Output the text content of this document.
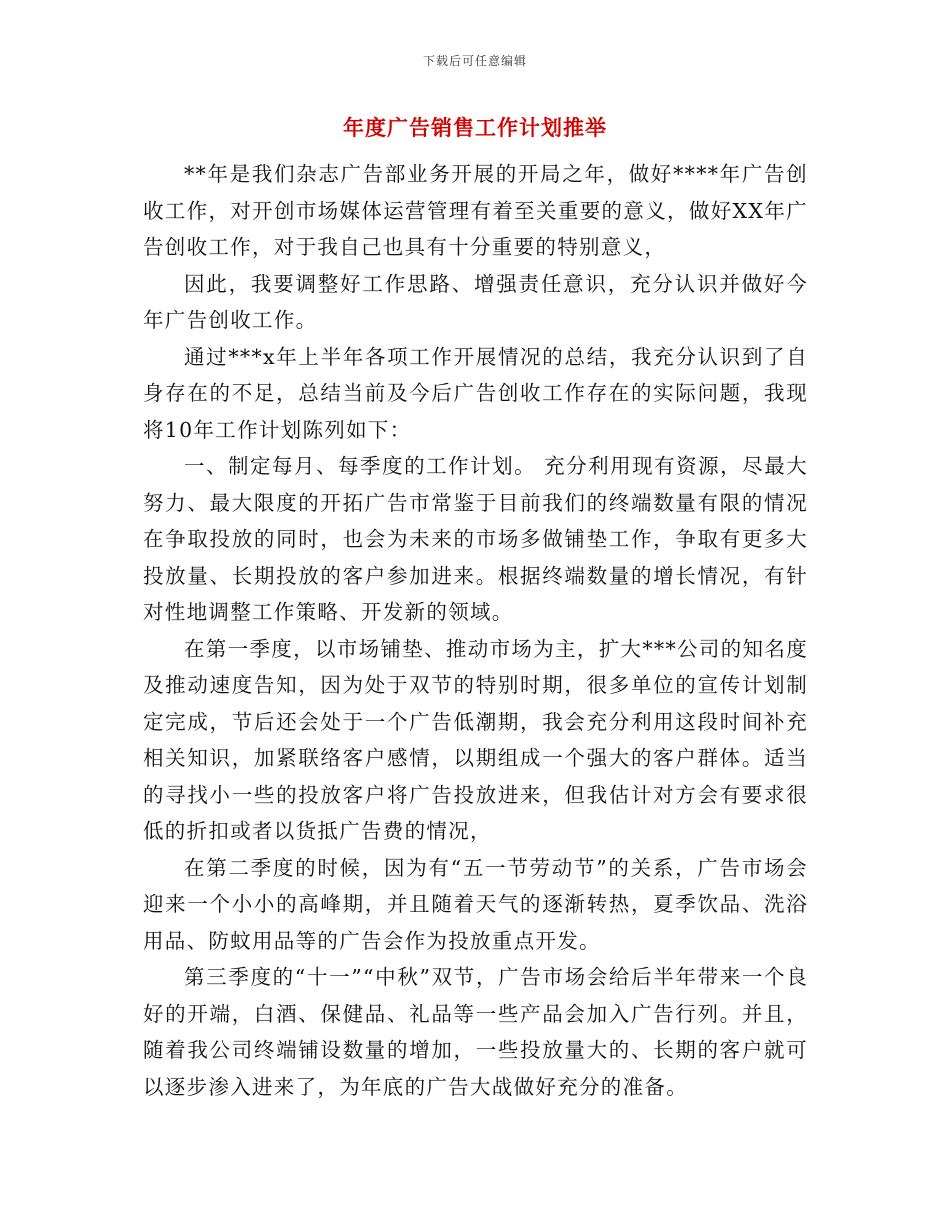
下载后可任意编辑
年度广告销售工作计划推举

**年是我们杂志广告部业务开展的开局之年，做好****年广告创收工作，对开创市场媒体运营管理有着至关重要的意义，做好XX年广告创收工作，对于我自己也具有十分重要的特别意义，

因此，我要调整好工作思路、增强责任意识，充分认识并做好今年广告创收工作。

通过***x年上半年各项工作开展情况的总结，我充分认识到了自身存在的不足，总结当前及今后广告创收工作存在的实际问题，我现将10年工作计划陈列如下：

一、制定每月、每季度的工作计划。 充分利用现有资源，尽最大努力、最大限度的开拓广告市常鉴于目前我们的终端数量有限的情况在争取投放的同时，也会为未来的市场多做铺垫工作，争取有更多大投放量、长期投放的客户参加进来。根据终端数量的增长情况，有针对性地调整工作策略、开发新的领域。

在第一季度，以市场铺垫、推动市场为主，扩大***公司的知名度及推动速度告知，因为处于双节的特别时期，很多单位的宣传计划制定完成，节后还会处于一个广告低潮期，我会充分利用这段时间补充相关知识，加紧联络客户感情，以期组成一个强大的客户群体。适当的寻找小一些的投放客户将广告投放进来，但我估计对方会有要求很低的折扣或者以货抵广告费的情况，

在第二季度的时候，因为有“五一节劳动节”的关系，广告市场会迎来一个小小的高峰期，并且随着天气的逐渐转热，夏季饮品、洗浴用品、防蚊用品等的广告会作为投放重点开发。

第三季度的“十一”“中秋”双节，广告市场会给后半年带来一个良好的开端，白酒、保健品、礼品等一些产品会加入广告行列。并且，随着我公司终端铺设数量的增加，一些投放量大的、长期的客户就可以逐步渗入进来了，为年底的广告大战做好充分的准备。
